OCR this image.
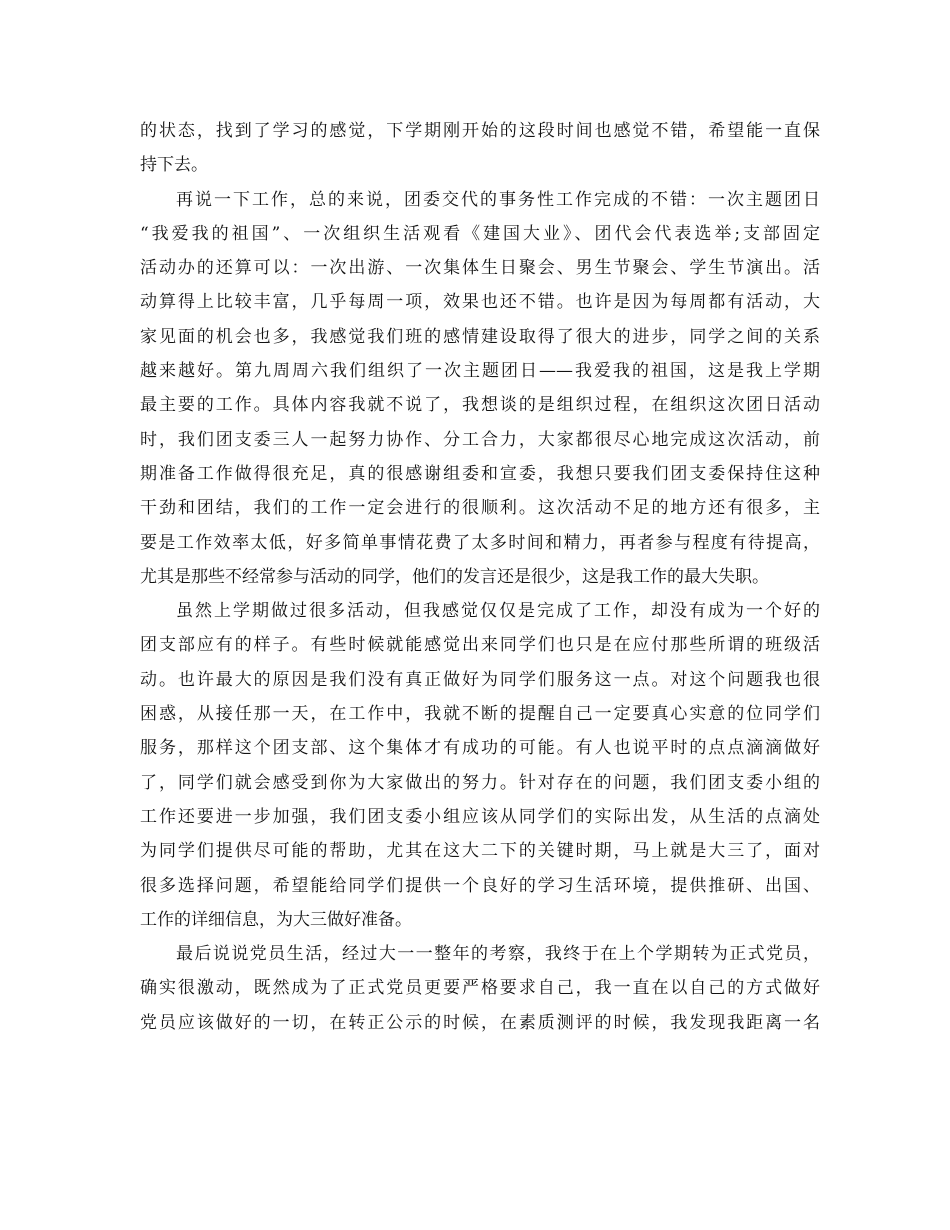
的状态，找到了学习的感觉，下学期刚开始的这段时间也感觉不错，希望能一直保
持下去。
再说一下工作，总的来说，团委交代的事务性工作完成的不错：一次主题团日
“我爱我的祖国”、一次组织生活观看《建国大业》、团代会代表选举;支部固定
活动办的还算可以：一次出游、一次集体生日聚会、男生节聚会、学生节演出。活
动算得上比较丰富，几乎每周一项，效果也还不错。也许是因为每周都有活动，大
家见面的机会也多，我感觉我们班的感情建设取得了很大的进步，同学之间的关系
越来越好。第九周周六我们组织了一次主题团日——我爱我的祖国，这是我上学期
最主要的工作。具体内容我就不说了，我想谈的是组织过程，在组织这次团日活动
时，我们团支委三人一起努力协作、分工合力，大家都很尽心地完成这次活动，前
期准备工作做得很充足，真的很感谢组委和宣委，我想只要我们团支委保持住这种
干劲和团结，我们的工作一定会进行的很顺利。这次活动不足的地方还有很多，主
要是工作效率太低，好多简单事情花费了太多时间和精力，再者参与程度有待提高，
尤其是那些不经常参与活动的同学，他们的发言还是很少，这是我工作的最大失职。
虽然上学期做过很多活动，但我感觉仅仅是完成了工作，却没有成为一个好的
团支部应有的样子。有些时候就能感觉出来同学们也只是在应付那些所谓的班级活
动。也许最大的原因是我们没有真正做好为同学们服务这一点。对这个问题我也很
困惑，从接任那一天，在工作中，我就不断的提醒自己一定要真心实意的位同学们
服务，那样这个团支部、这个集体才有成功的可能。有人也说平时的点点滴滴做好
了，同学们就会感受到你为大家做出的努力。针对存在的问题，我们团支委小组的
工作还要进一步加强，我们团支委小组应该从同学们的实际出发，从生活的点滴处
为同学们提供尽可能的帮助，尤其在这大二下的关键时期，马上就是大三了，面对
很多选择问题，希望能给同学们提供一个良好的学习生活环境，提供推研、出国、
工作的详细信息，为大三做好准备。
最后说说党员生活，经过大一一整年的考察，我终于在上个学期转为正式党员，
确实很激动，既然成为了正式党员更要严格要求自己，我一直在以自己的方式做好
党员应该做好的一切，在转正公示的时候，在素质测评的时候，我发现我距离一名
